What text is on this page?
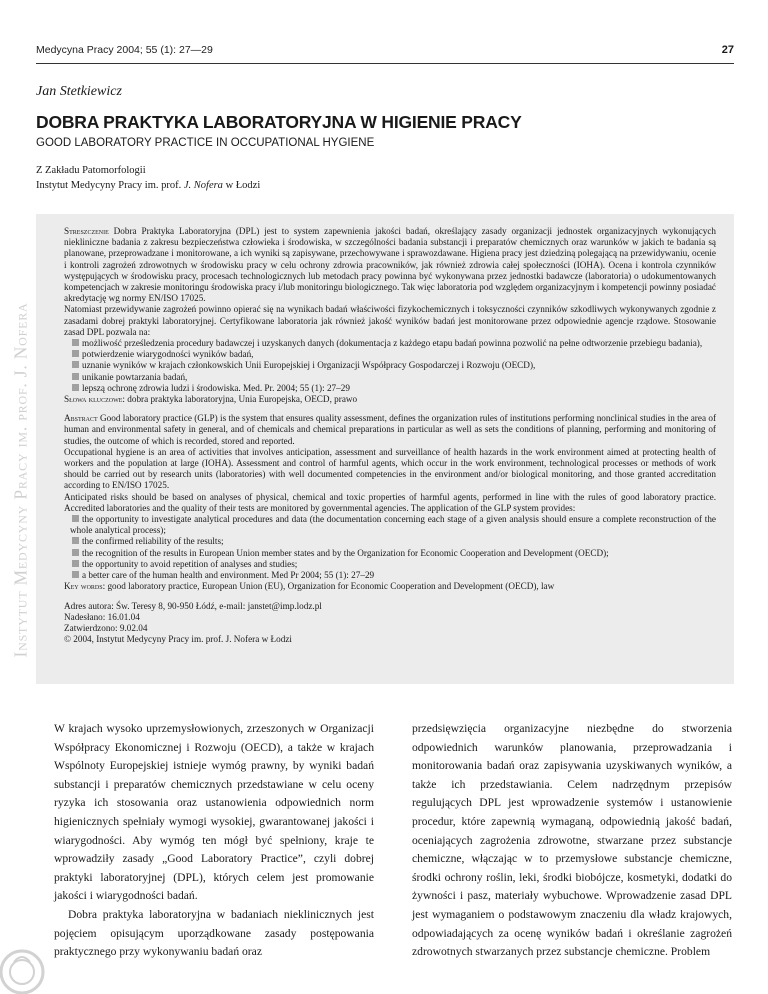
Medycyna Pracy 2004; 55 (1): 27—29	27
Jan Stetkiewicz
DOBRA PRAKTYKA LABORATORYJNA W HIGIENIE PRACY
GOOD LABORATORY PRACTICE IN OCCUPATIONAL HYGIENE
Z Zakładu Patomorfologii
Instytut Medycyny Pracy im. prof. J. Nofera w Łodzi
Instytut Medycyny Pracy im. prof. J. Nofera

Streszczenie Dobra Praktyka Laboratoryjna (DPL) jest to system zapewnienia jakości badań, określający zasady organizacji jednostek organizacyjnych wykonujących niekliniczne badania z zakresu bezpieczeństwa człowieka i środowiska, w szczególności badania substancji i preparatów chemicznych oraz warunków w jakich te badania są planowane, przeprowadzane i monitorowane, a ich wyniki są zapisywane, przechowywane i sprawozdawane. Higiena pracy jest dziedziną polegającą na przewidywaniu, ocenie i kontroli zagrożeń zdrowotnych w środowisku pracy w celu ochrony zdrowia pracowników, jak również zdrowia całej społeczności (IOHA). Ocena i kontrola czynników występujących w środowisku pracy, procesach technologicznych lub metodach pracy powinna być wykonywana przez jednostki badawcze (laboratoria) o udokumentowanych kompetencjach w zakresie monitoringu środowiska pracy i/lub monitoringu biologicznego. Tak więc laboratoria pod względem organizacyjnym i kompetencji powinny posiadać akredytację wg normy EN/ISO 17025.

Natomiast przewidywanie zagrożeń powinno opierać się na wynikach badań właściwości fizykochemicznych i toksyczności czynników szkodliwych wykonywanych zgodnie z zasadami dobrej praktyki laboratoryjnej. Certyfikowane laboratoria jak również jakość wyników badań jest monitorowane przez odpowiednie agencje rządowe. Stosowanie zasad DPL pozwala na:

możliwość prześledzenia procedury badawczej i uzyskanych danych (dokumentacja z każdego etapu badań powinna pozwolić na pełne odtworzenie przebiegu badania),

potwierdzenie wiarygodności wyników badań,

uznanie wyników w krajach członkowskich Unii Europejskiej i Organizacji Współpracy Gospodarczej i Rozwoju (OECD),

unikanie powtarzania badań,

lepszą ochronę zdrowia ludzi i środowiska. Med. Pr. 2004; 55 (1): 27–29

Słowa kluczowe: dobra praktyka laboratoryjna, Unia Europejska, OECD, prawo

Abstract Good laboratory practice (GLP) is the system that ensures quality assessment, defines the organization rules of institutions performing nonclinical studies in the area of human and environmental safety in general, and of chemicals and chemical preparations in particular as well as sets the conditions of planning, performing and monitoring of studies, the outcome of which is recorded, stored and reported.

Occupational hygiene is an area of activities that involves anticipation, assessment and surveillance of health hazards in the work environment aimed at protecting health of workers and the population at large (IOHA). Assessment and control of harmful agents, which occur in the work environment, technological processes or methods of work should be carried out by research units (laboratories) with well documented competencies in the environment and/or biological monitoring, and those granted accreditation according to EN/ISO 17025.

Anticipated risks should be based on analyses of physical, chemical and toxic properties of harmful agents, performed in line with the rules of good laboratory practice. Accredited laboratories and the quality of their tests are monitored by governmental agencies. The application of the GLP system provides:

the opportunity to investigate analytical procedures and data (the documentation concerning each stage of a given analysis should ensure a complete reconstruction of the whole analytical process);

the confirmed reliability of the results;

the recognition of the results in European Union member states and by the Organization for Economic Cooperation and Development (OECD);

the opportunity to avoid repetition of analyses and studies;

a better care of the human health and environment. Med Pr 2004; 55 (1): 27–29

Key words: good laboratory practice, European Union (EU), Organization for Economic Cooperation and Development (OECD), law

Adres autora: Św. Teresy 8, 90-950 Łódź, e-mail: janstet@imp.lodz.pl

Nadesłano: 16.01.04

Zatwierdzono: 9.02.04

© 2004, Instytut Medycyny Pracy im. prof. J. Nofera w Łodzi

W krajach wysoko uprzemysłowionych, zrzeszonych w Organizacji Współpracy Ekonomicznej i Rozwoju (OECD), a także w krajach Wspólnoty Europejskiej istnieje wymóg prawny, by wyniki badań substancji i preparatów chemicznych przedstawiane w celu oceny ryzyka ich stosowania oraz ustanowienia odpowiednich norm higienicznych spełniały wymogi wysokiej, gwarantowanej jakości i wiarygodności. Aby wymóg ten mógł być spełniony, kraje te wprowadziły zasady „Good Laboratory Practice”, czyli dobrej praktyki laboratoryjnej (DPL), których celem jest promowanie jakości i wiarygodności badań.

Dobra praktyka laboratoryjna w badaniach nieklinicznych jest pojęciem opisującym uporządkowane zasady postępowania praktycznego przy wykonywaniu badań oraz

przedsięwzięcia organizacyjne niezbędne do stworzenia odpowiednich warunków planowania, przeprowadzania i monitorowania badań oraz zapisywania uzyskiwanych wyników, a także ich przedstawiania. Celem nadrzędnym przepisów regulujących DPL jest wprowadzenie systemów i ustanowienie procedur, które zapewnią wymaganą, odpowiednią jakość badań, oceniających zagrożenia zdrowotne, stwarzane przez substancje chemiczne, włączając w to przemysłowe substancje chemiczne, środki ochrony roślin, leki, środki biobójcze, kosmetyki, dodatki do żywności i pasz, materiały wybuchowe. Wprowadzenie zasad DPL jest wymaganiem o podstawowym znaczeniu dla władz krajowych, odpowiadających za ocenę wyników badań i określanie zagrożeń zdrowotnych stwarzanych przez substancje chemiczne. Problem
